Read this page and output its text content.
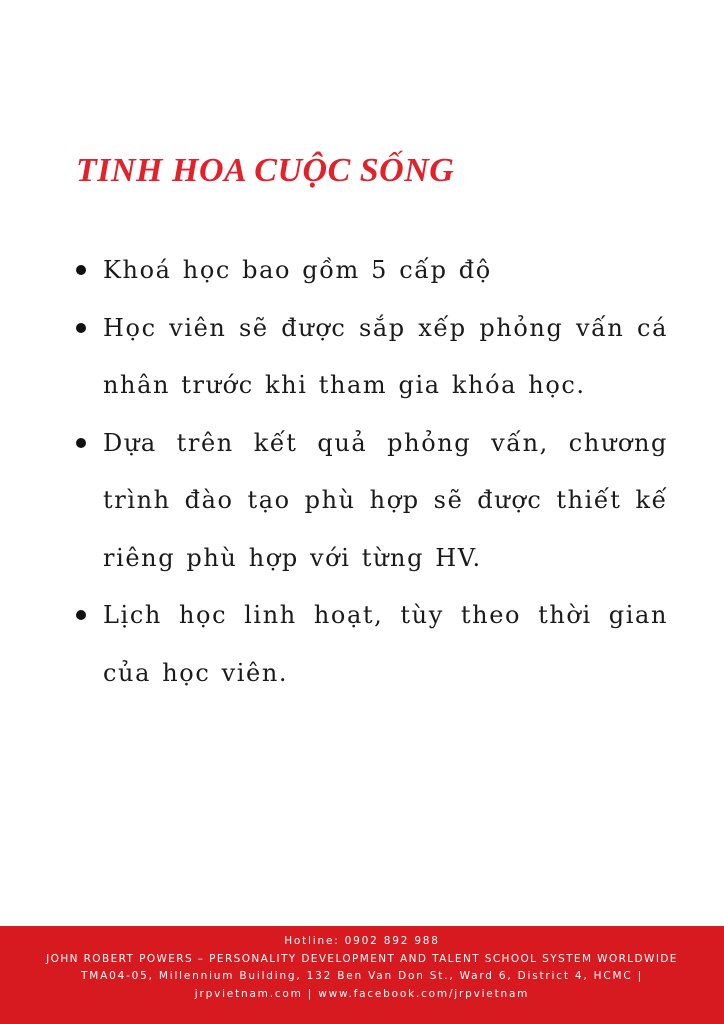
TINH HOA CUỘC SỐNG
Khoá học bao gồm 5 cấp độ
Học viên sẽ được sắp xếp phỏng vấn cá nhân trước khi tham gia khóa học.
Dựa trên kết quả phỏng vấn, chương trình đào tạo phù hợp sẽ được thiết kế riêng phù hợp với từng HV.
Lịch học linh hoạt, tùy theo thời gian của học viên.
Hotline: 0902 892 988
JOHN ROBERT POWERS – PERSONALITY DEVELOPMENT AND TALENT SCHOOL SYSTEM WORLDWIDE
TMA04-05, Millennium Building, 132 Ben Van Don St., Ward 6, District 4, HCMC |
jrpvietnam.com | www.facebook.com/jrpvietnam
